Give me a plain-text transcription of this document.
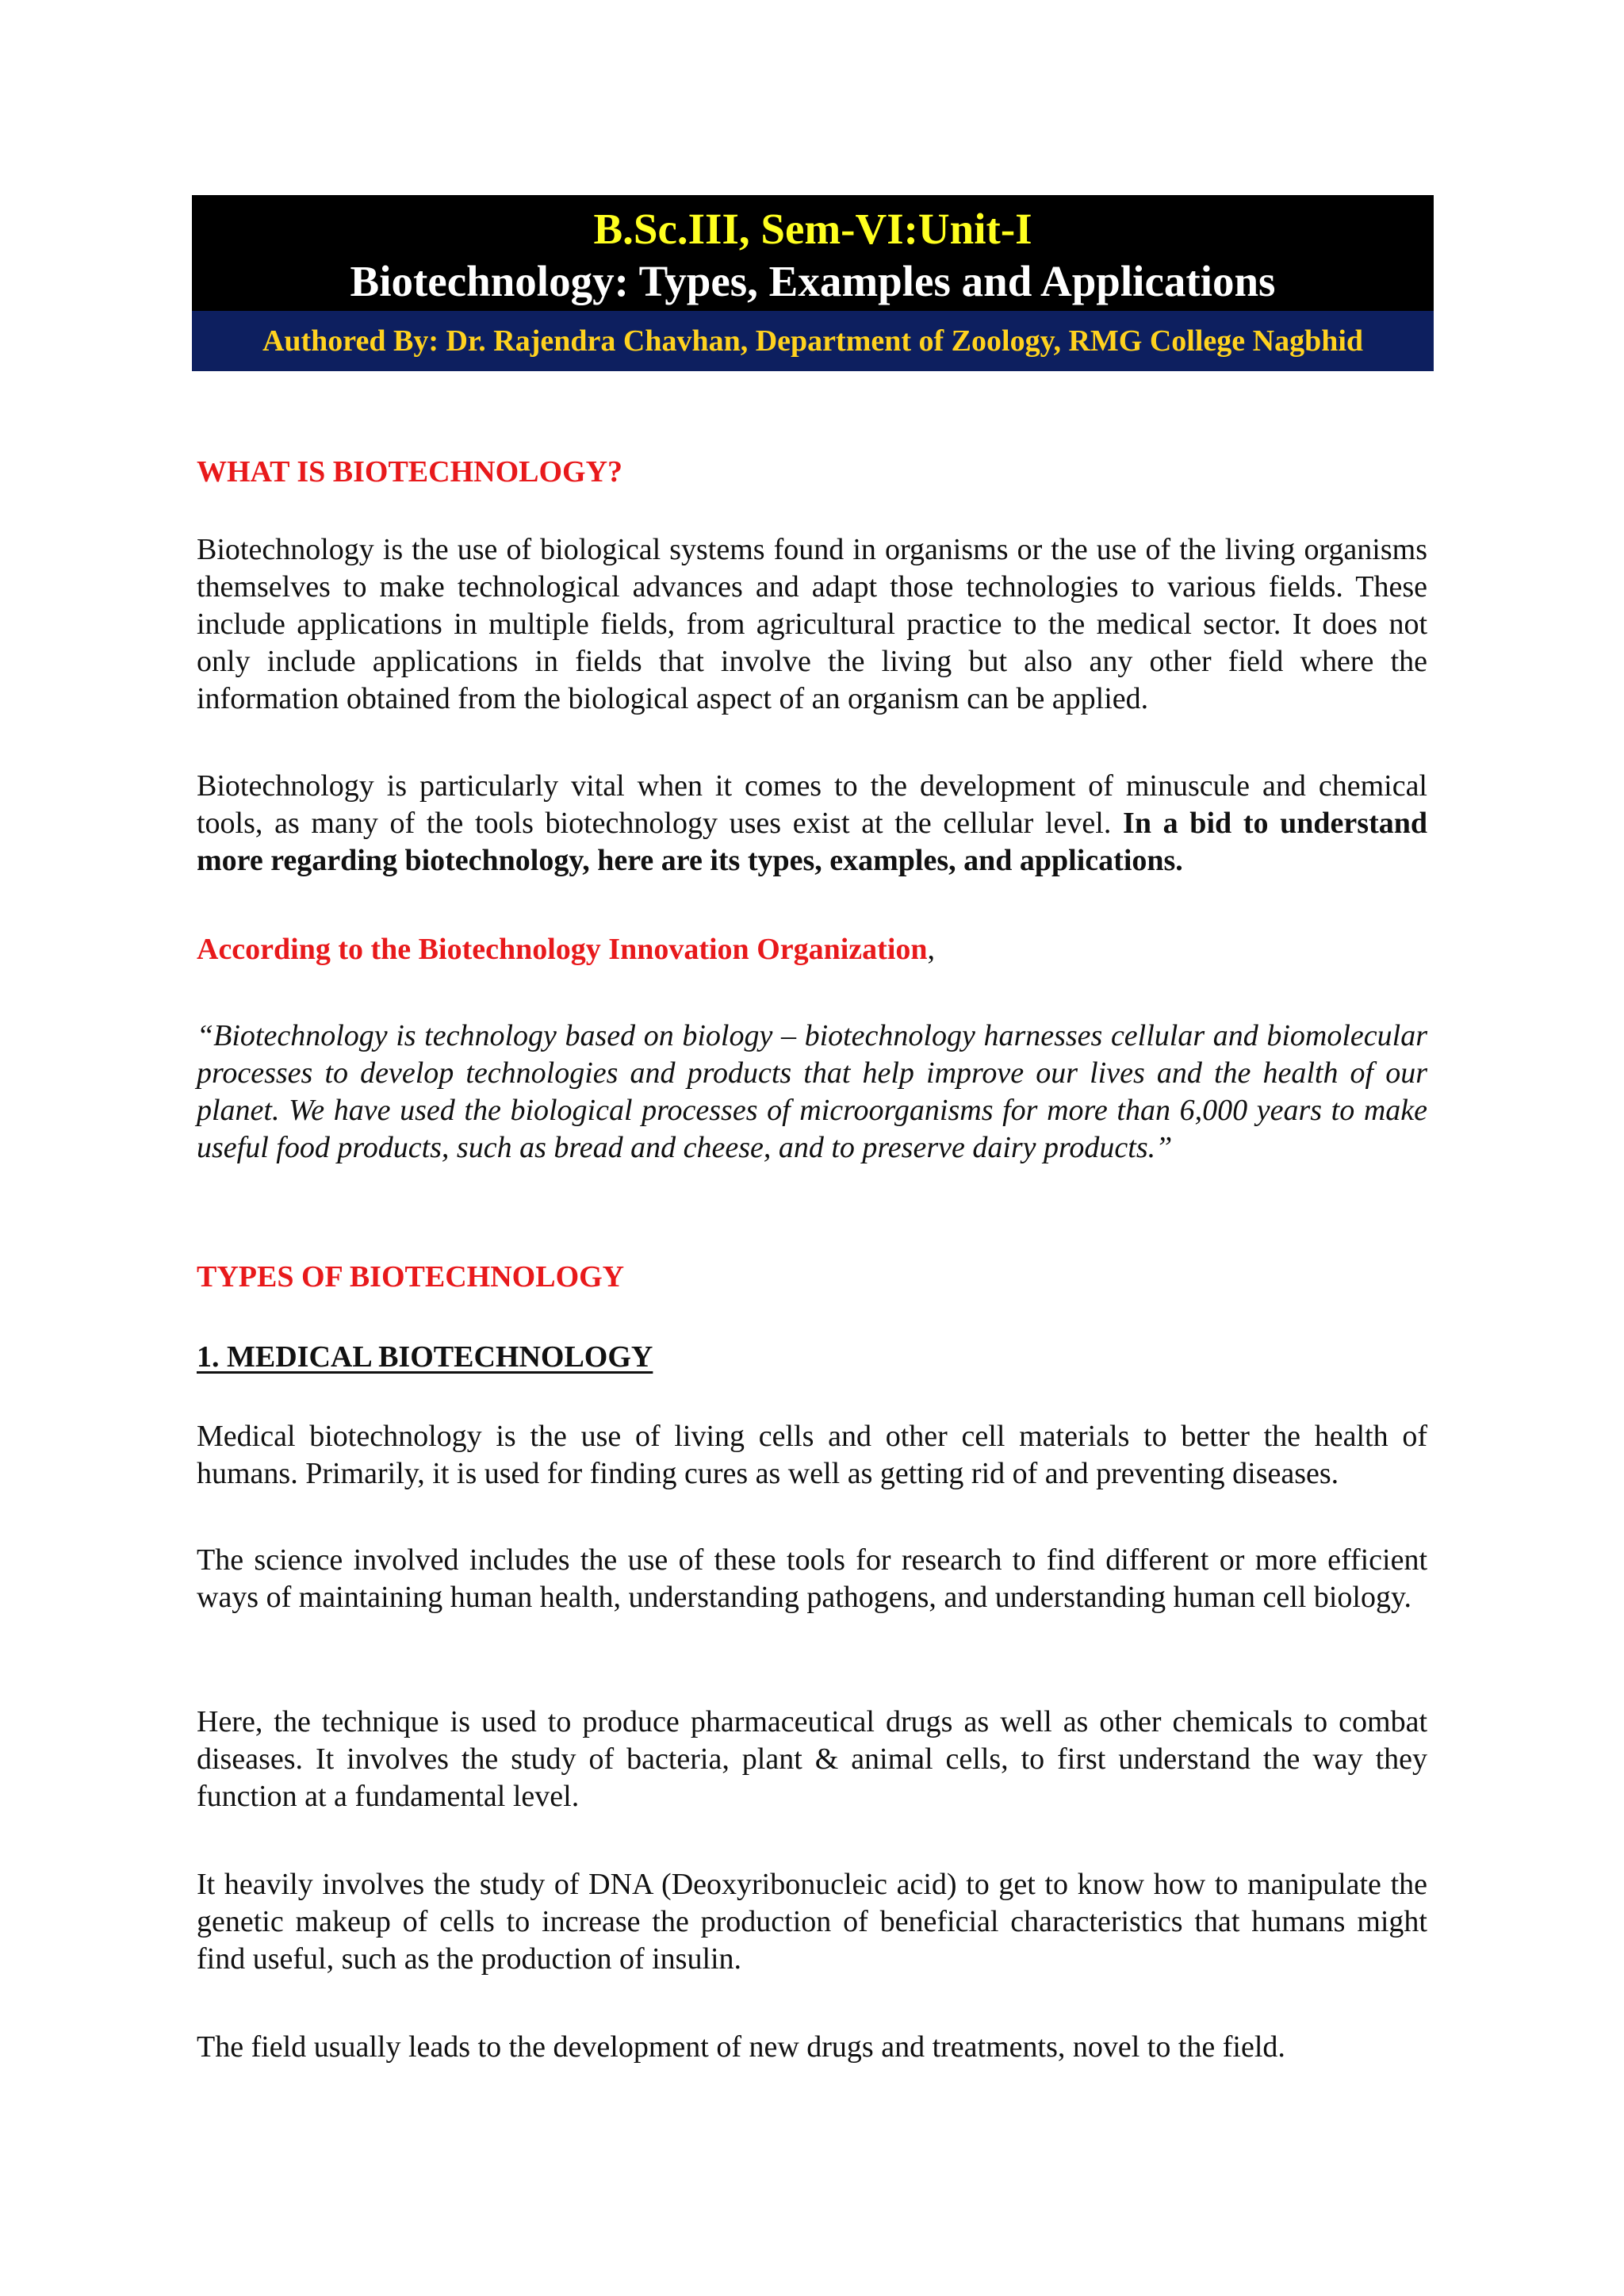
B.Sc.III, Sem-VI:Unit-I
Biotechnology: Types, Examples and Applications
Authored By: Dr. Rajendra Chavhan, Department of Zoology, RMG College Nagbhid
WHAT IS BIOTECHNOLOGY?
Biotechnology is the use of biological systems found in organisms or the use of the living organisms themselves to make technological advances and adapt those technologies to various fields. These include applications in multiple fields, from agricultural practice to the medical sector. It does not only include applications in fields that involve the living but also any other field where the information obtained from the biological aspect of an organism can be applied.
Biotechnology is particularly vital when it comes to the development of minuscule and chemical tools, as many of the tools biotechnology uses exist at the cellular level. In a bid to understand more regarding biotechnology, here are its types, examples, and applications.
According to the Biotechnology Innovation Organization,
“Biotechnology is technology based on biology – biotechnology harnesses cellular and biomolecular processes to develop technologies and products that help improve our lives and the health of our planet. We have used the biological processes of microorganisms for more than 6,000 years to make useful food products, such as bread and cheese, and to preserve dairy products.”
TYPES OF BIOTECHNOLOGY
1. MEDICAL BIOTECHNOLOGY
Medical biotechnology is the use of living cells and other cell materials to better the health of humans. Primarily, it is used for finding cures as well as getting rid of and preventing diseases.
The science involved includes the use of these tools for research to find different or more efficient ways of maintaining human health, understanding pathogens, and understanding human cell biology.
Here, the technique is used to produce pharmaceutical drugs as well as other chemicals to combat diseases. It involves the study of bacteria, plant & animal cells, to first understand the way they function at a fundamental level.
It heavily involves the study of DNA (Deoxyribonucleic acid) to get to know how to manipulate the genetic makeup of cells to increase the production of beneficial characteristics that humans might find useful, such as the production of insulin.
The field usually leads to the development of new drugs and treatments, novel to the field.
